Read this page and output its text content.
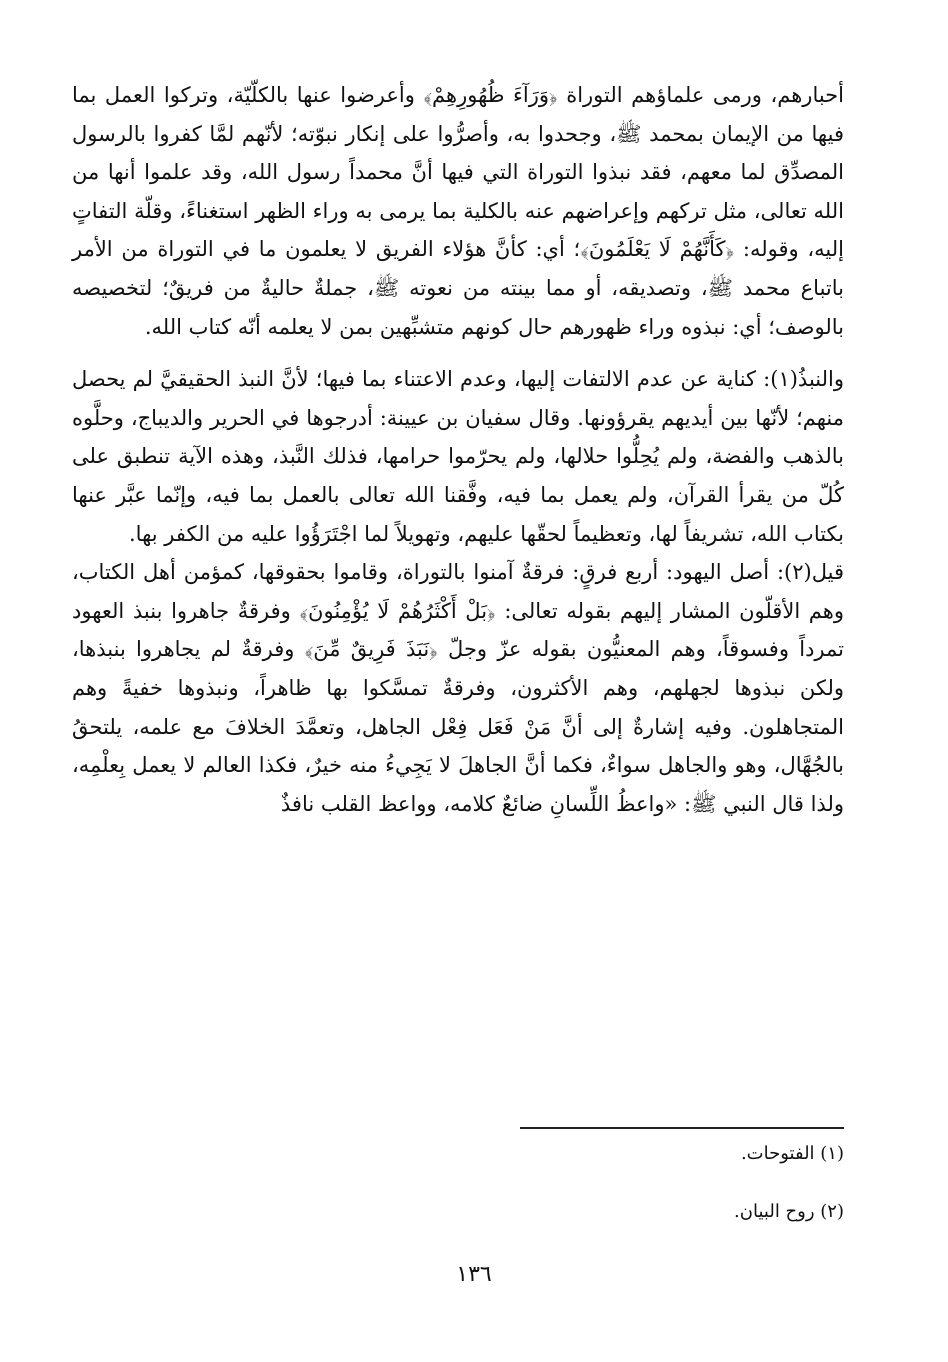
أحبارهم، ورمى علماؤهم التوراة ﴿وَرَآءَ ظُهُورِهِمْ﴾ وأعرضوا عنها بالكلّيّة، وتركوا العمل بما فيها من الإيمان بمحمد ﷺ، وجحدوا به، وأصرُّوا على إنكار نبوّته؛ لأنّهم لمَّا كفروا بالرسول المصدِّق لما معهم، فقد نبذوا التوراة التي فيها أنَّ محمداً رسول الله، وقد علموا أنها من الله تعالى، مثل تركهم وإعراضهم عنه بالكلية بما يرمى به وراء الظهر استغناءً، وقلّة التفاتٍ إليه، وقوله: ﴿كَأَنَّهُمْ لَا يَعْلَمُونَ﴾؛ أي: كأنَّ هؤلاء الفريق لا يعلمون ما في التوراة من الأمر باتباع محمد ﷺ، وتصديقه، أو مما بينته من نعوته ﷺ، جملةٌ حاليةٌ من فريقٌ؛ لتخصيصه بالوصف؛ أي: نبذوه وراء ظهورهم حال كونهم متشبِّهين بمن لا يعلمه أنّه كتاب الله.

والنبذُ(١): كناية عن عدم الالتفات إليها، وعدم الاعتناء بما فيها؛ لأنَّ النبذ الحقيقيَّ لم يحصل منهم؛ لأنّها بين أيديهم يقرؤونها. وقال سفيان بن عيينة: أدرجوها في الحرير والديباج، وحلَّوه بالذهب والفضة، ولم يُحِلُّوا حلالها، ولم يحرّموا حرامها، فذلك النَّبذ، وهذه الآية تنطبق على كُلّ من يقرأ القرآن، ولم يعمل بما فيه، وفَّقنا الله تعالى بالعمل بما فيه، وإنّما عبَّر عنها بكتاب الله، تشريفاً لها، وتعظيماً لحقّها عليهم، وتهويلاً لما اجْتَرَؤُوا عليه من الكفر بها.

قيل(٢): أصل اليهود: أربع فرقٍ: فرقةٌ آمنوا بالتوراة، وقاموا بحقوقها، كمؤمن أهل الكتاب، وهم الأقلّون المشار إليهم بقوله تعالى: ﴿بَلْ أَكْثَرُهُمْ لَا يُؤْمِنُونَ﴾ وفرقةٌ جاهروا بنبذ العهود تمرداً وفسوقاً، وهم المعنيُّون بقوله عزّ وجلّ ﴿نَبَذَ فَرِيقٌ مِّنَ﴾ وفرقةٌ لم يجاهروا بنبذها، ولكن نبذوها لجهلهم، وهم الأكثرون، وفرقةٌ تمسَّكوا بها ظاهراً، ونبذوها خفيةً وهم المتجاهلون. وفيه إشارةٌ إلى أنَّ مَنْ فَعَل فِعْل الجاهل، وتعمَّدَ الخلافَ مع علمه، يلتحقُ بالجُهَّال، وهو والجاهل سواءٌ، فكما أنَّ الجاهلَ لا يَجِيءُ منه خيرٌ، فكذا العالم لا يعمل بِعلْمِه، ولذا قال النبي ﷺ: «واعظُ اللِّسانِ ضائعٌ كلامه، وواعظ القلب نافذٌ

(١) الفتوحات.

(٢) روح البيان.

١٣٦
